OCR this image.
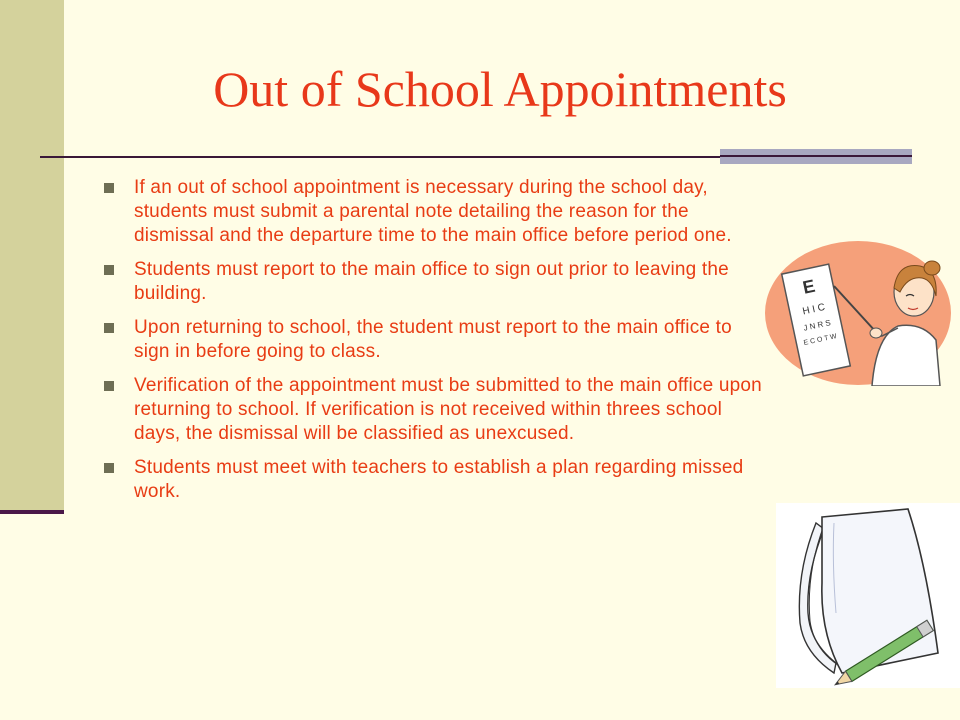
Out of School Appointments
If an out of school appointment is necessary during the school day, students must submit a parental note detailing the reason for the dismissal and the departure time to the main office before period one.
Students must report to the main office to sign out prior to leaving the building.
Upon returning to school, the student must report to the main office to sign in before going to class.
Verification of the appointment must be submitted to the main office upon returning to school. If verification is not received within threes school days, the dismissal will be classified as unexcused.
Students must meet with teachers to establish a plan regarding missed work.
E
H I C
J N R S
E C O T W
